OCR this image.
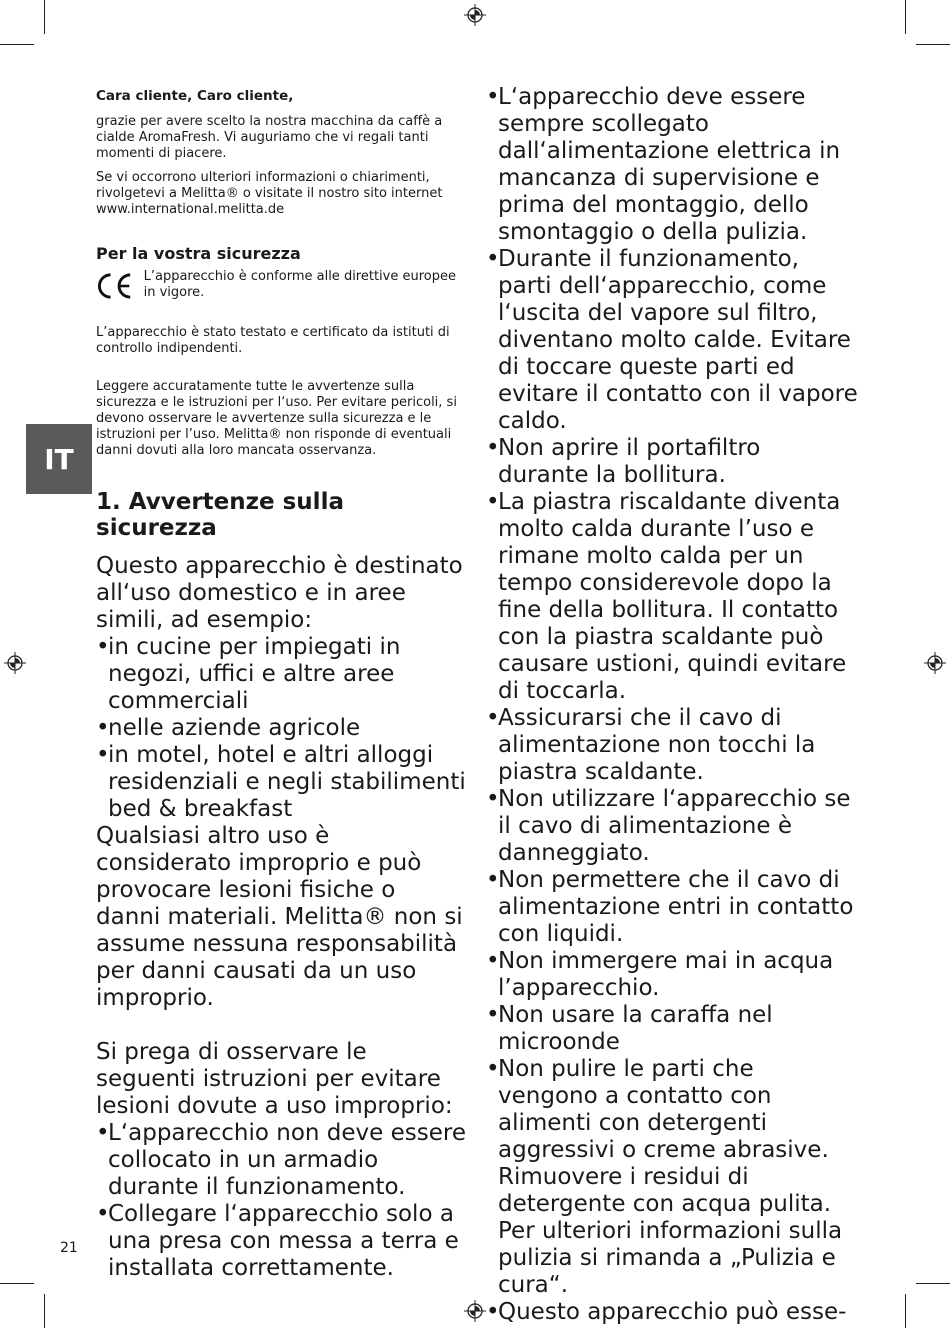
IT
Cara cliente, Caro cliente,

grazie per avere scelto la nostra macchina da caffè a cialde AromaFresh. Vi auguriamo che vi regali tanti momenti di piacere.

Se vi occorrono ulteriori informazioni o chiarimenti, rivolgetevi a Melitta® o visitate il nostro sito internet www.international.melitta.de

Per la vostra sicurezza
L’apparecchio è conforme alle direttive europee in vigore.

L’apparecchio è stato testato e certificato da istituti di controllo indipendenti.

Leggere accuratamente tutte le avvertenze sulla sicurezza e le istruzioni per l‘uso. Per evitare pericoli, si devono osservare le avvertenze sulla sicurezza e le istruzioni per l’uso. Melitta® non risponde di eventuali danni dovuti alla loro mancata osservanza.

1. Avvertenze sulla sicurezza

Questo apparecchio è destinato all‘uso domestico e in aree simili, ad esempio:

•
in cucine per impiegati in negozi, uffici e altre aree commerciali
•
nelle aziende agricole
•
in motel, hotel e altri alloggi residenziali e negli stabilimenti bed & breakfast

Qualsiasi altro uso è considerato improprio e può provocare lesioni fisiche o danni materiali. Melitta® non si assume nessuna responsabilità per danni causati da un uso improprio.

Si prega di osservare le seguenti istruzioni per evitare lesioni dovute a uso improprio:

•
L‘apparecchio non deve essere collocato in un armadio durante il funzionamento.
•
Collegare l‘apparecchio solo a una presa con messa a terra e installata correttamente.
•
L‘apparecchio deve essere sempre scollegato dall‘alimentazione elettrica in mancanza di supervisione e prima del montaggio, dello smontaggio o della pulizia.
•
Durante il funzionamento, parti dell‘apparecchio, come l‘uscita del vapore sul filtro, diventano molto calde. Evitare di toccare queste parti ed evitare il contatto con il vapore caldo.
•
Non aprire il portafiltro durante la bollitura.
•
La piastra riscaldante diventa molto calda durante l’uso e rimane molto calda per un tempo considerevole dopo la fine della bollitura. Il contatto con la piastra scaldante può causare ustioni, quindi evitare di toccarla.
•
Assicurarsi che il cavo di alimentazione non tocchi la piastra scaldante.
•
Non utilizzare l‘apparecchio se il cavo di alimentazione è danneggiato.
•
Non permettere che il cavo di alimentazione entri in contatto con liquidi.
•
Non immergere mai in acqua l’apparecchio.
•
Non usare la caraffa nel microonde
•
Non pulire le parti che vengono a contatto con alimenti con detergenti aggressivi o creme abrasive. Rimuovere i residui di detergente con acqua pulita. Per ulteriori informazioni sulla pulizia si rimanda a „Pulizia e cura“.
•
Questo apparecchio può esse-
21
